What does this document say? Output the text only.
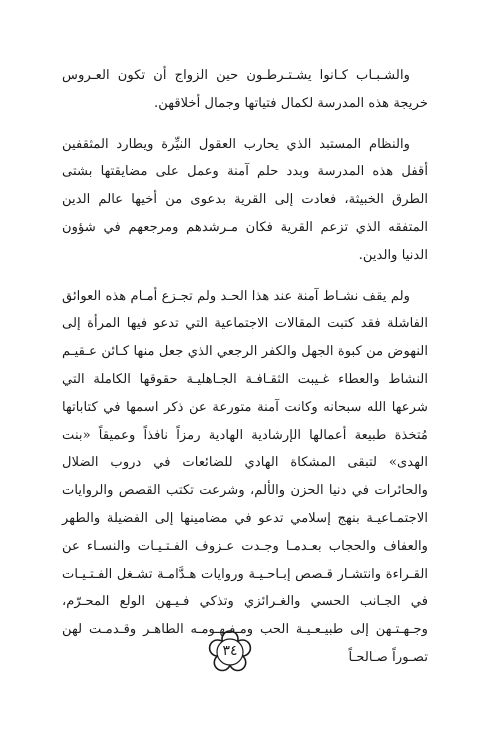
والشـبـاب كـانوا يشـتـرطـون حين الزواج أن تكون العـروس خريجة هذه المدرسة لكمال فتياتها وجمال أخلاقهن.

والنظام المستبد الذي يحارب العقول النيِّرة ويطارد المثقفين أقفل هذه المدرسة وبدد حلم آمنة وعمل على مضايقتها بشتى الطرق الخبيثة، فعادت إلى القرية بدعوى من أخيها عالم الدين المتفقه الذي تزعم القرية فكان مـرشدهم ومرجعهم في شؤون الدنيا والدين.

ولم يقف نشـاط آمنة عند هذا الحـد ولم تجـزع أمـام هذه العوائق الفاشلة فقد كتبت المقالات الاجتماعية التي تدعو فيها المرأة إلى النهوض من كبوة الجهل والكفر الرجعي الذي جعل منها كـائن عـقيـم النشاط والعطاء غـيبت الثقـافـة الجـاهليـة حقوقها الكاملة التي شرعها الله سبحانه وكانت آمنة متورعة عن ذكر اسمها في كتاباتها مُتخذة طبيعة أعمالها الإرشادية الهادية رمزاً نافذاً وعميقاً «بنت الهدى» لتبقى المشكاة الهادي للضائعات في دروب الضلال والحائرات في دنيا الحزن والألم، وشرعت تكتب القصص والروايات الاجتمـاعيـة بنهج إسلامي تدعو في مضامينها إلى الفضيلة والطهر والعفاف والحجاب بعـدمـا وجـدت عـزوف الفـتـيـات والنسـاء عن القـراءة وانتشـار قـصص إبـاحـيـة وروايات هـدَّامـة تشـغل الفـتـيـات في الجـانب الحسي والغـرائزي وتذكي فـيـهن الولع المحـرّم، وجـهـتـهن إلى طبيـعـيـة الحب ومـفـهـومـه الطاهـر وقـدمـت لهن تصـوراً صـالحـاً

٣٤
